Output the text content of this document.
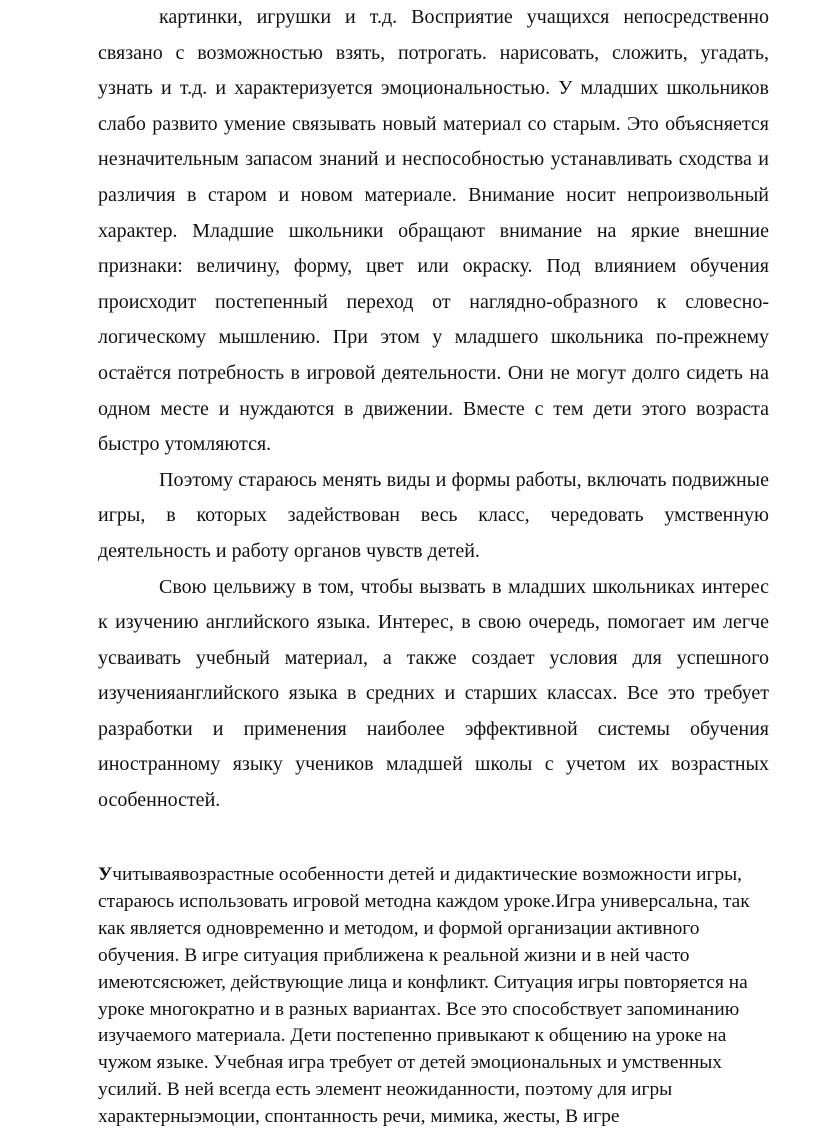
картинки, игрушки и т.д. Восприятие учащихся непосредственно связано с возможностью взять, потрогать. нарисовать, сложить, угадать, узнать и т.д. и характеризуется эмоциональностью. У младших школьников слабо развито умение связывать новый материал со старым. Это объясняется незначительным запасом знаний и неспособностью устанавливать сходства и различия в старом и новом материале. Внимание носит непроизвольный характер. Младшие школьники обращают внимание на яркие внешние признаки: величину, форму, цвет или окраску. Под влиянием обучения происходит постепенный переход от наглядно-образного к словесно-логическому мышлению. При этом у младшего школьника по-прежнему остаётся потребность в игровой деятельности. Они не могут долго сидеть на одном месте и нуждаются в движении. Вместе с тем дети этого возраста быстро утомляются.

Поэтому стараюсь менять виды и формы работы, включать подвижные игры, в которых задействован весь класс, чередовать умственную деятельность и работу органов чувств детей.

Свою цельвижу в том, чтобы вызвать в младших школьниках интерес к изучению английского языка. Интерес, в свою очередь, помогает им легче усваивать учебный материал, а также создает условия для успешного изученияанглийского языка в средних и старших классах. Все это требует разработки и применения наиболее эффективной системы обучения иностранному языку учеников младшей школы с учетом их возрастных особенностей.

Учитываявозрастные особенности детей и дидактические возможности игры, стараюсь использовать игровой методна каждом уроке.Игра универсальна, так как является одновременно и методом, и формой организации активного обучения. В игре ситуация приближена к реальной жизни и в ней часто имеютсясюжет, действующие лица и конфликт. Ситуация игры повторяется на уроке многократно и в разных вариантах. Все это способствует запоминанию изучаемого материала. Дети постепенно привыкают к общению на уроке на чужом языке. Учебная игра требует от детей эмоциональных и умственных усилий. В ней всегда есть элемент неожиданности, поэтому для игры характерныэмоции, спонтанность речи, мимика, жесты, В игре
